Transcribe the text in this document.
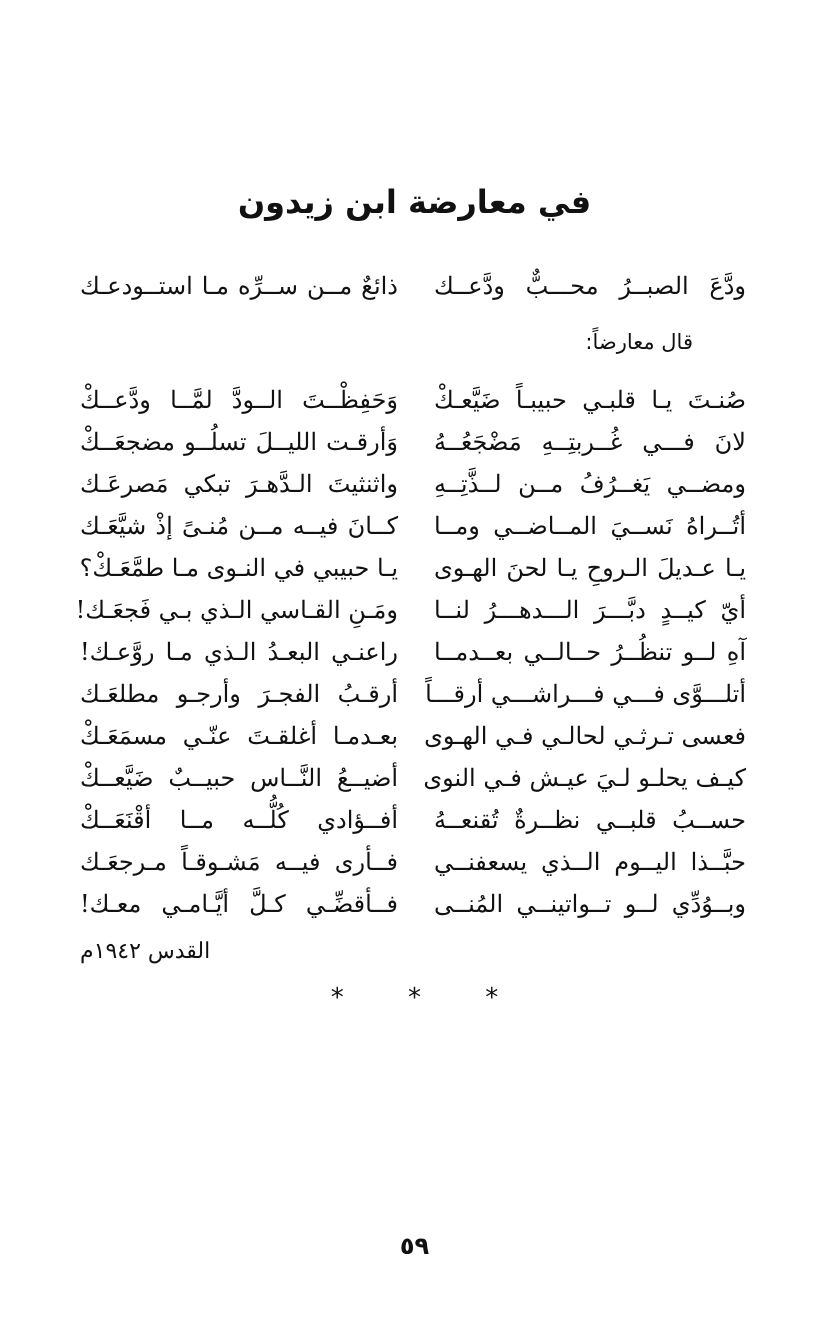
في معارضة ابن زيدون
ودَّعَ الصبــرُ محـــبٌّ ودَّعــك
ذائعٌ مــن ســرِّه مـا استــودعـك

قال معارضاً:

صُنـتَ يـا قلبـي حبيبـاً ضَيَّعـكْ
وَحَفِظْــتَ الــودَّ لمَّــا ودَّعــكْ
لانَ فـــي غُــربتِــهِ مَضْجَعُــهُ
وَأرقـت الليــلَ تسلُــو مضجعَــكْ
ومضــي يَغــرُفُ مــن لــذَّتِــهِ
واثنثيتَ الـدَّهـرَ تبكي مَصرعَـك
أتُــراهُ نَســيَ المــاضــي ومــا
كــانَ فيــه مــن مُنـىً إذْ شيَّعَـك
يـا عـديلَ الـروحِ يـا لحنَ الهـوى
يـا حبيبي في النـوى مـا طمَّعَـكْ؟
أيّ كيــدٍ دبَّـــرَ الـــدهـــرُ لنــا
ومَـنِ القـاسي الـذي بـي فَجعَـك!
آهِ لــو تنظُــرُ حــالــي بعــدمــا
راعنـي البعـدُ الـذي مـا روَّعـك!
أتلـــوَّى فـــي فـــراشـــي أرقـــاً
أرقـبُ الفجـرَ وأرجـو مطلعَـك
فعسى تـرثـي لحالـي فـي الهـوى
بعـدمـا أغلقـتَ عنّـي مسمَعَـكْ
كيـف يحلـو لـيَ عيـش فـي النوى
أضيــعُ النَّــاس حبيــبٌ ضَيَّعــكْ
حســبُ قلبــي نظــرةٌ تُقنعــهُ
أفــؤادي كُلُّــه مــا أقْنَعَــكْ
حبَّــذا اليــوم الــذي يسعفنــي
فــأرى فيــه مَشـوقـاً مـرجعَـك
وبــوُدِّي لــو تــواتينــي المُنــى
فــأقضِّـي كـلَّ أيَّـامـي معـك!

القدس ١٩٤٢م

* * *
٥٩
